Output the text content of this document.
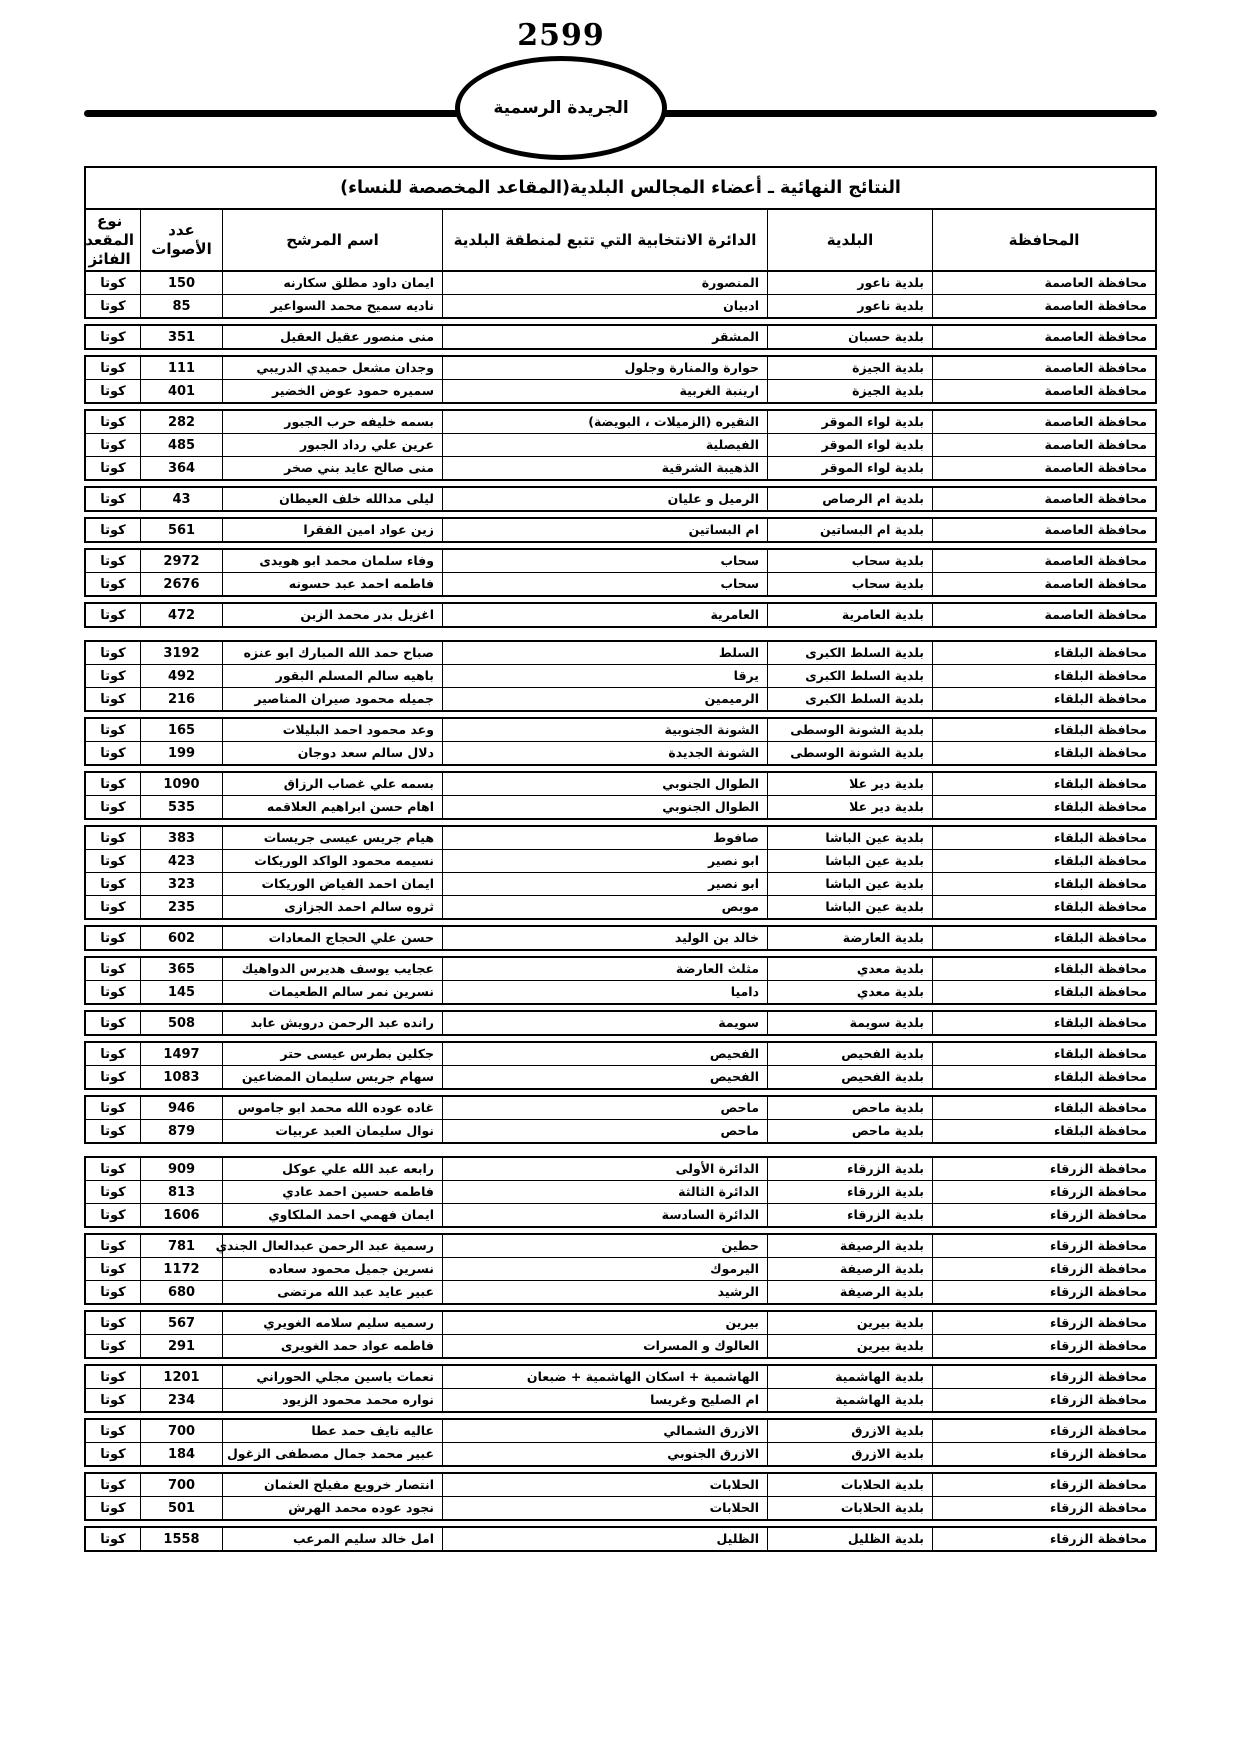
2599
الجريدة الرسمية
النتائج النهائية ـ أعضاء المجالس البلدية(المقاعد المخصصة للنساء)
المحافظة
البلدية
الدائرة الانتخابية التي تتبع لمنطقة البلدية
اسم المرشح
عدد الأصوات
نوع المقعد الفائز
محافظة العاصمة
بلدية ناعور
المنصورة
ايمان داود مطلق سكارنه
150
كوتا
محافظة العاصمة
بلدية ناعور
ادبيان
ناديه سميح محمد السواعير
85
كوتا
محافظة العاصمة
بلدية حسبان
المشقر
منى منصور عقيل العقيل
351
كوتا
محافظة العاصمة
بلدية الجيزة
حوارة والمنارة وجلول
وجدان مشعل حميدي الدريبي
111
كوتا
محافظة العاصمة
بلدية الجيزة
ارينبة الغربية
سميره حمود عوض الخضير
401
كوتا
محافظة العاصمة
بلدية لواء الموقر
النقيره (الزميلات ، البويضة)
بسمه خليفه حرب الجبور
282
كوتا
محافظة العاصمة
بلدية لواء الموقر
الفيصلية
عرين علي رداد الجبور
485
كوتا
محافظة العاصمة
بلدية لواء الموقر
الذهيبة الشرقية
منى صالح عايد بني صخر
364
كوتا
محافظة العاصمة
بلدية ام الرصاص
الرميل و عليان
ليلى مدالله خلف العيطان
43
كوتا
محافظة العاصمة
بلدية ام البساتين
ام البساتين
زين عواد امين الفقرا
561
كوتا
محافظة العاصمة
بلدية سحاب
سحاب
وفاء سلمان محمد ابو هويدى
2972
كوتا
محافظة العاصمة
بلدية سحاب
سحاب
فاطمه احمد عبد حسونه
2676
كوتا
محافظة العاصمة
بلدية العامرية
العامرية
اغزيل بدر محمد الزبن
472
كوتا
محافظة البلقاء
بلدية السلط الكبرى
السلط
صباح حمد الله المبارك ابو عنزه
3192
كوتا
محافظة البلقاء
بلدية السلط الكبرى
يرقا
باهيه سالم المسلم البقور
492
كوتا
محافظة البلقاء
بلدية السلط الكبرى
الرميمين
جميله محمود صيران المناصير
216
كوتا
محافظة البلقاء
بلدية الشونة الوسطى
الشونة الجنوبية
وعد محمود احمد البليلات
165
كوتا
محافظة البلقاء
بلدية الشونة الوسطى
الشونة الجديدة
دلال سالم سعد دوجان
199
كوتا
محافظة البلقاء
بلدية دير علا
الطوال الجنوبي
بسمه علي غصاب الرزاق
1090
كوتا
محافظة البلقاء
بلدية دير علا
الطوال الجنوبي
اهام حسن ابراهيم العلاقمه
535
كوتا
محافظة البلقاء
بلدية عين الباشا
صافوط
هيام جريس عيسى جريسات
383
كوتا
محافظة البلقاء
بلدية عين الباشا
ابو نصير
نسيمه محمود الواكد الوريكات
423
كوتا
محافظة البلقاء
بلدية عين الباشا
ابو نصير
ايمان احمد الفياض الوريكات
323
كوتا
محافظة البلقاء
بلدية عين الباشا
موبص
ثروه سالم احمد الجزازى
235
كوتا
محافظة البلقاء
بلدية العارضة
خالد بن الوليد
حسن علي الحجاج المعادات
602
كوتا
محافظة البلقاء
بلدية معدي
مثلث العارضة
عجايب يوسف هديرس الدواهيك
365
كوتا
محافظة البلقاء
بلدية معدي
داميا
نسرين نمر سالم الطعيمات
145
كوتا
محافظة البلقاء
بلدية سويمة
سويمة
رانده عبد الرحمن درويش عابد
508
كوتا
محافظة البلقاء
بلدية الفحيص
الفحيص
جكلين بطرس عيسى حتر
1497
كوتا
محافظة البلقاء
بلدية الفحيص
الفحيص
سهام جريس سليمان المضاعين
1083
كوتا
محافظة البلقاء
بلدية ماحص
ماحص
غاده عوده الله محمد ابو جاموس
946
كوتا
محافظة البلقاء
بلدية ماحص
ماحص
نوال سليمان العبد عربيات
879
كوتا
محافظة الزرقاء
بلدية الزرقاء
الدائرة الأولى
رابعه عبد الله علي عوكل
909
كوتا
محافظة الزرقاء
بلدية الزرقاء
الدائرة الثالثة
فاطمه حسين احمد عادي
813
كوتا
محافظة الزرقاء
بلدية الزرقاء
الدائرة السادسة
ايمان فهمي احمد الملكاوي
1606
كوتا
محافظة الزرقاء
بلدية الرصيفة
حطين
رسمية عبد الرحمن عبدالعال الجندي
781
كوتا
محافظة الزرقاء
بلدية الرصيفة
اليرموك
نسرين جميل محمود سعاده
1172
كوتا
محافظة الزرقاء
بلدية الرصيفة
الرشيد
عبير عايد عبد الله مرتضى
680
كوتا
محافظة الزرقاء
بلدية بيرين
بيرين
رسميه سليم سلامه الغويري
567
كوتا
محافظة الزرقاء
بلدية بيرين
العالوك و المسرات
فاطمه عواد حمد الغويرى
291
كوتا
محافظة الزرقاء
بلدية الهاشمية
الهاشمية + اسكان الهاشمية + ضبعان
نعمات ياسين مجلي الحوراني
1201
كوتا
محافظة الزرقاء
بلدية الهاشمية
ام الصليح وغريسا
نواره محمد محمود الزيود
234
كوتا
محافظة الزرقاء
بلدية الازرق
الازرق الشمالي
عاليه نايف حمد عطا
700
كوتا
محافظة الزرقاء
بلدية الازرق
الازرق الجنوبي
عبير محمد جمال مصطفى الزغول
184
كوتا
محافظة الزرقاء
بلدية الحلابات
الحلابات
انتصار خرويع مفيلح العثمان
700
كوتا
محافظة الزرقاء
بلدية الحلابات
الحلابات
نجود عوده محمد الهرش
501
كوتا
محافظة الزرقاء
بلدية الظليل
الظليل
امل خالد سليم المرعب
1558
كوتا
